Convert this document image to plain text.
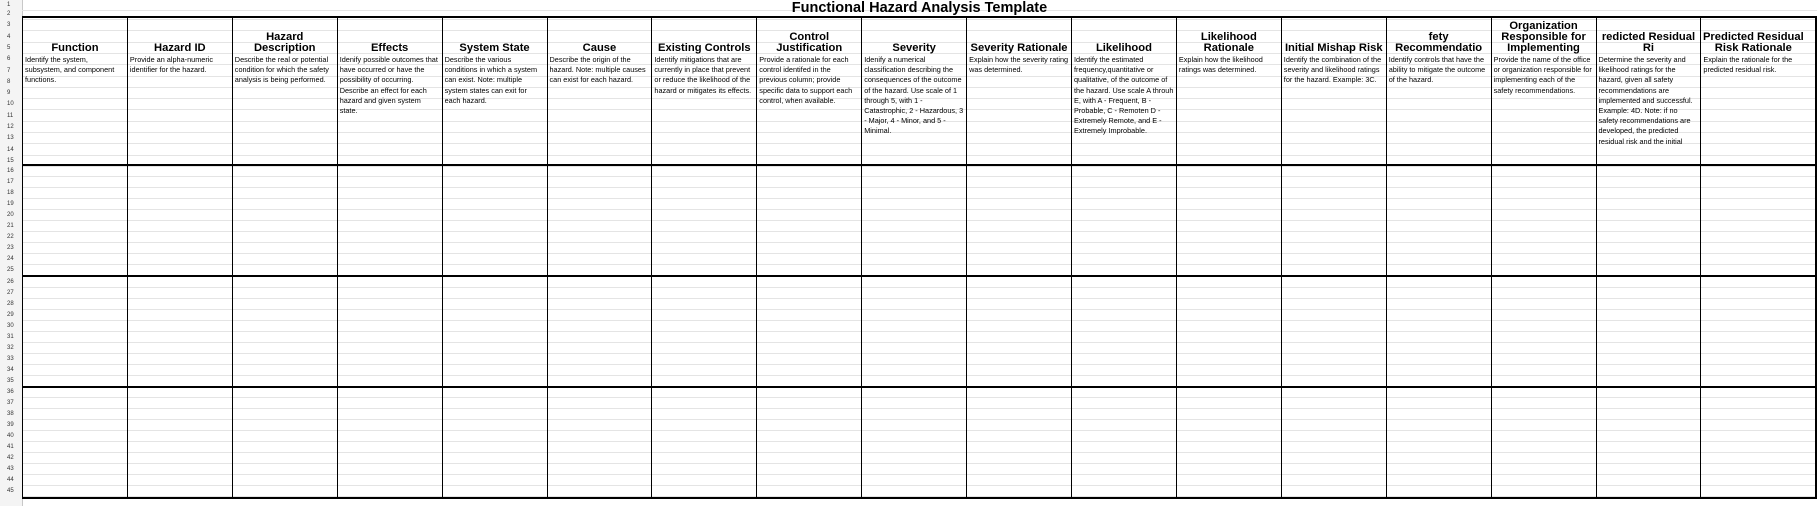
1
2
3
4
5
6
7
8
9
10
11
12
13
14
15
16
17
18
19
20
21
22
23
24
25
26
27
28
29
30
31
32
33
34
35
36
37
38
39
40
41
42
43
44
45
Functional Hazard Analysis Template
Function
Identify the system, subsystem, and component functions.
Hazard ID
Provide an alpha-numeric identifier for the hazard.
Hazard Description
Describe the real or potential condition for which the safety analysis is being performed.
Effects
Idenify possible outcomes that have occurred or have the possibility of occurring. Describe an effect for each hazard and given system state.
System State
Describe the various conditions in which a system can exist. Note: multiple system states can exit for each hazard.
Cause
Describe the origin of the hazard. Note: multiple causes can exist for each hazard.
Existing Controls
Identify mitigations that are currently in place that prevent or reduce the likelihood of the hazard or mitigates its effects.
Control Justification
Provide a rationale for each control identifed in the previous column; provide specific data to support each control, when available.
Severity
Idenify a numerical classification describing the consequences of the outcome of the hazard. Use scale of 1 through 5, with 1 - Catastrophic, 2 - Hazardous, 3 - Major, 4 - Minor, and 5 - Minimal.
Severity Rationale
Explain how the severity rating was determined.
Likelihood
Identify the estimated frequency,quantitative or qualitative, of the outcome of the hazard. Use scale A throuh E, with A - Frequent, B - Probable, C - Remoten D - Extremely Remote, and E - Extremely Improbable.
Likelihood Rationale
Explain how the likelihood ratings was determined.
Initial Mishap Risk
Identify the combination of the severity and likelihood ratings for the hazard. Example: 3C.
fety Recommendatio
Identify controls that have the ability to mitigate the outcome of the hazard.
Organization Responsible for Implementing
Provide the name of the office or organization responsible for implementing each of the safety recommendations.
redicted Residual Ri
Determine the severity and likelihood ratings for the hazard, given all safety recommendations are implemented and successful. Example: 4D. Note: if no safety recommendations are developed, the predicted residual risk and the initial
Predicted Residual Risk Rationale
Explain the rationale for the predicted residual risk.
